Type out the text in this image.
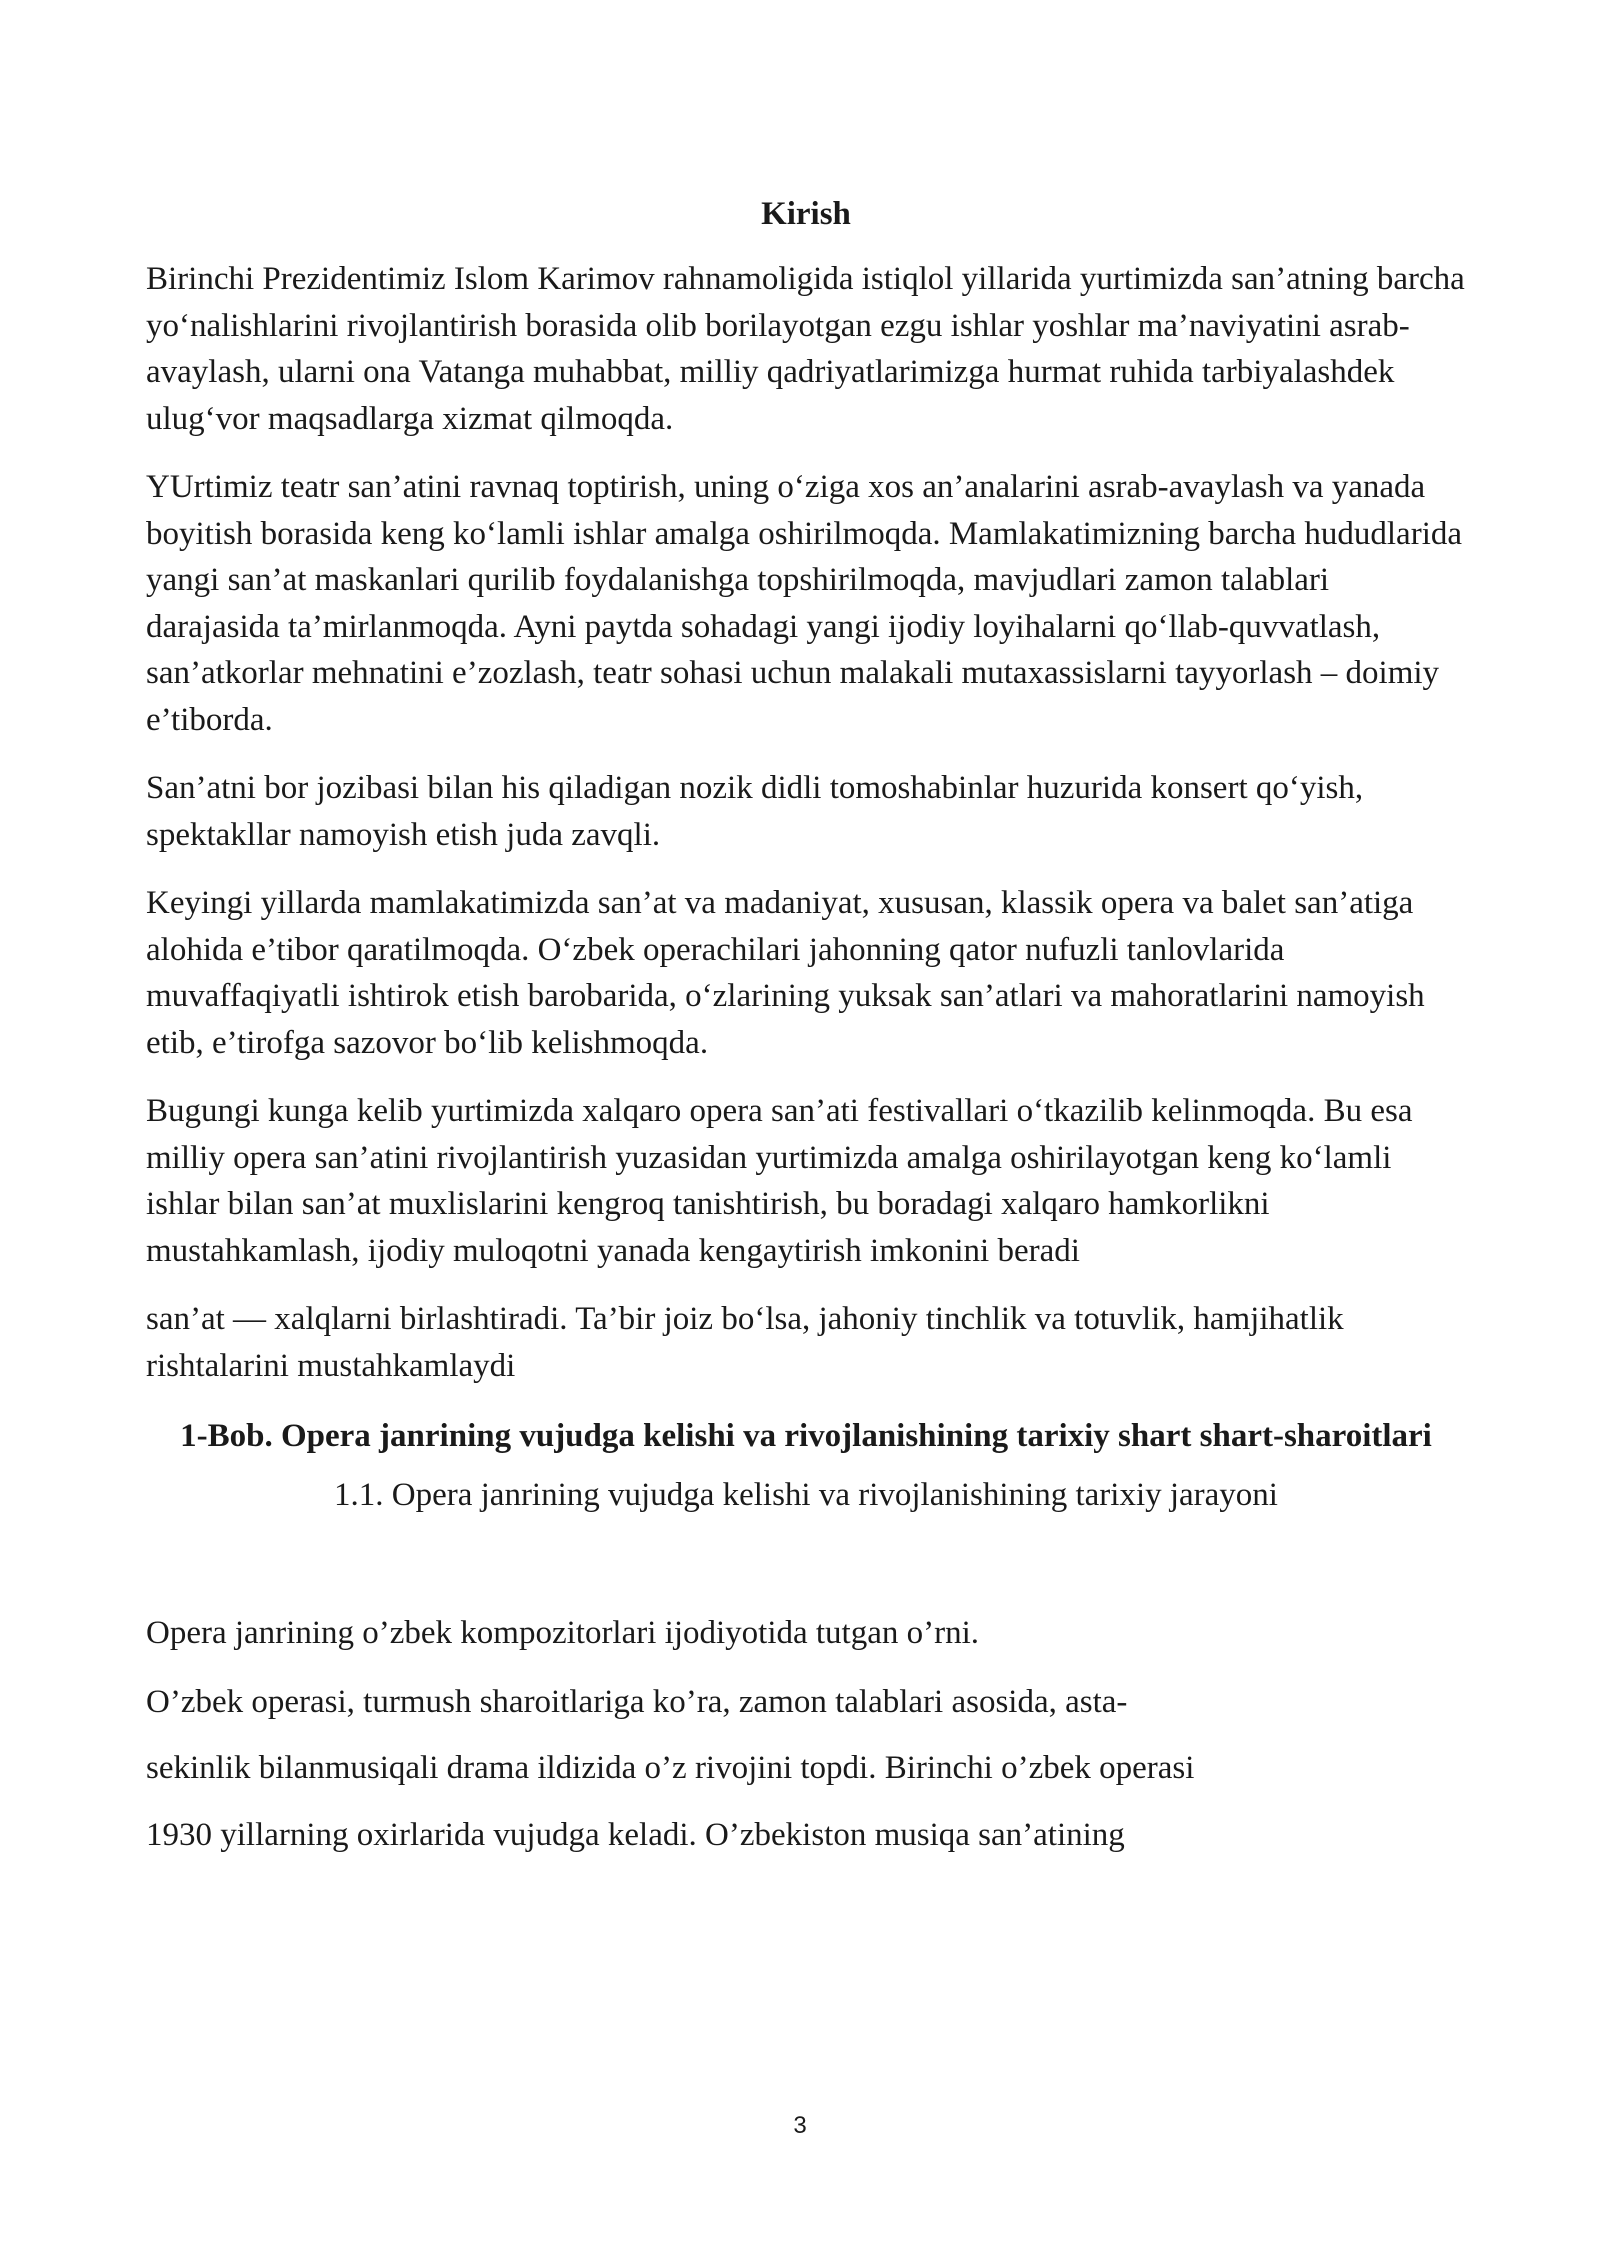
Kirish

Birinchi Prezidentimiz Islom Karimov rahnamoligida istiqlol yillarida yurtimizda san’atning barcha yo‘nalishlarini rivojlantirish borasida olib borilayotgan ezgu ishlar yoshlar ma’naviyatini asrab-avaylash, ularni ona Vatanga muhabbat, milliy qadriyatlarimizga hurmat ruhida tarbiyalashdek ulug‘vor maqsadlarga xizmat qilmoqda.

YUrtimiz teatr san’atini ravnaq toptirish, uning o‘ziga xos an’analarini asrab-avaylash va yanada boyitish borasida keng ko‘lamli ishlar amalga oshirilmoqda. Mamlakatimizning barcha hududlarida yangi san’at maskanlari qurilib foydalanishga topshirilmoqda, mavjudlari zamon talablari darajasida ta’mirlanmoqda. Ayni paytda sohadagi yangi ijodiy loyihalarni qo‘llab-quvvatlash, san’atkorlar mehnatini e’zozlash, teatr sohasi uchun malakali mutaxassislarni tayyorlash – doimiy e’tiborda.

San’atni bor jozibasi bilan his qiladigan nozik didli tomoshabinlar huzurida konsert qo‘yish, spektakllar namoyish etish juda zavqli.

Keyingi yillarda mamlakatimizda san’at va madaniyat, xususan, klassik opera va balet san’atiga alohida e’tibor qaratilmoqda. O‘zbek operachilari jahonning qator nufuzli tanlovlarida muvaffaqiyatli ishtirok etish barobarida, o‘zlarining yuksak san’atlari va mahoratlarini namoyish etib, e’tirofga sazovor bo‘lib kelishmoqda.

Bugungi kunga kelib yurtimizda xalqaro opera san’ati festivallari o‘tkazilib kelinmoqda. Bu esa milliy opera san’atini rivojlantirish yuzasidan yurtimizda amalga oshirilayotgan keng ko‘lamli ishlar bilan san’at muxlislarini kengroq tanishtirish, bu boradagi xalqaro hamkorlikni mustahkamlash, ijodiy muloqotni yanada kengaytirish imkonini beradi

san’at — xalqlarni birlashtiradi. Ta’bir joiz bo‘lsa, jahoniy tinchlik va totuvlik, hamjihatlik rishtalarini mustahkamlaydi

1-Bob. Opera janrining vujudga kelishi va rivojlanishining tarixiy shart shart-sharoitlari
1.1. Opera janrining vujudga kelishi va rivojlanishining tarixiy jarayoni

Opera janrining o’zbek kompozitorlari ijodiyotida tutgan o’rni.

O’zbek operasi, turmush sharoitlariga ko’ra, zamon talablari asosida, asta-

sekinlik bilanmusiqali drama ildizida o’z rivojini topdi. Birinchi o’zbek operasi

1930 yillarning oxirlarida vujudga keladi. O’zbekiston musiqa san’atining

3
